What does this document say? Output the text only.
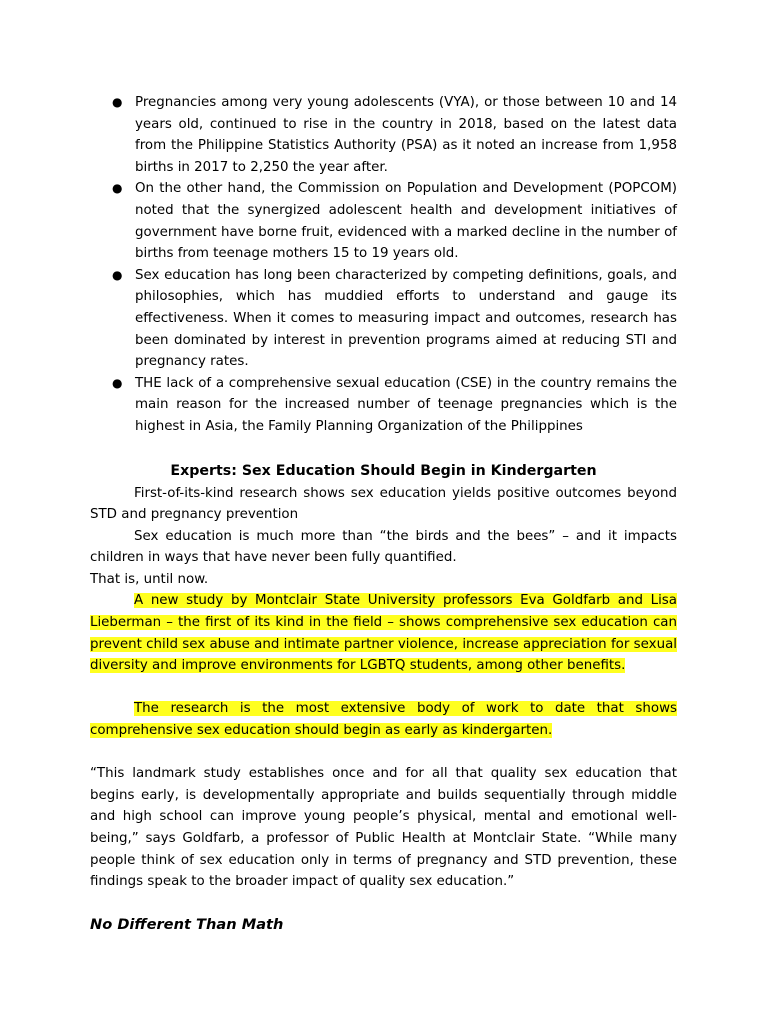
● Pregnancies among very young adolescents (VYA), or those between 10 and 14 years old, continued to rise in the country in 2018, based on the latest data from the Philippine Statistics Authority (PSA) as it noted an increase from 1,958 births in 2017 to 2,250 the year after.
● On the other hand, the Commission on Population and Development (POPCOM) noted that the synergized adolescent health and development initiatives of government have borne fruit, evidenced with a marked decline in the number of births from teenage mothers 15 to 19 years old.
● Sex education has long been characterized by competing definitions, goals, and philosophies, which has muddied efforts to understand and gauge its effectiveness. When it comes to measuring impact and outcomes, research has been dominated by interest in prevention programs aimed at reducing STI and pregnancy rates.
● THE lack of a comprehensive sexual education (CSE) in the country remains the main reason for the increased number of teenage pregnancies which is the highest in Asia, the Family Planning Organization of the Philippines
Experts: Sex Education Should Begin in Kindergarten

First-of-its-kind research shows sex education yields positive outcomes beyond STD and pregnancy prevention

Sex education is much more than “the birds and the bees” – and it impacts children in ways that have never been fully quantified.

That is, until now.

A new study by Montclair State University professors Eva Goldfarb and Lisa Lieberman – the first of its kind in the field – shows comprehensive sex education can prevent child sex abuse and intimate partner violence, increase appreciation for sexual diversity and improve environments for LGBTQ students, among other benefits.

The research is the most extensive body of work to date that shows comprehensive sex education should begin as early as kindergarten.

“This landmark study establishes once and for all that quality sex education that begins early, is developmentally appropriate and builds sequentially through middle and high school can improve young people’s physical, mental and emotional well-being,” says Goldfarb, a professor of Public Health at Montclair State. “While many people think of sex education only in terms of pregnancy and STD prevention, these findings speak to the broader impact of quality sex education.”

No Different Than Math
